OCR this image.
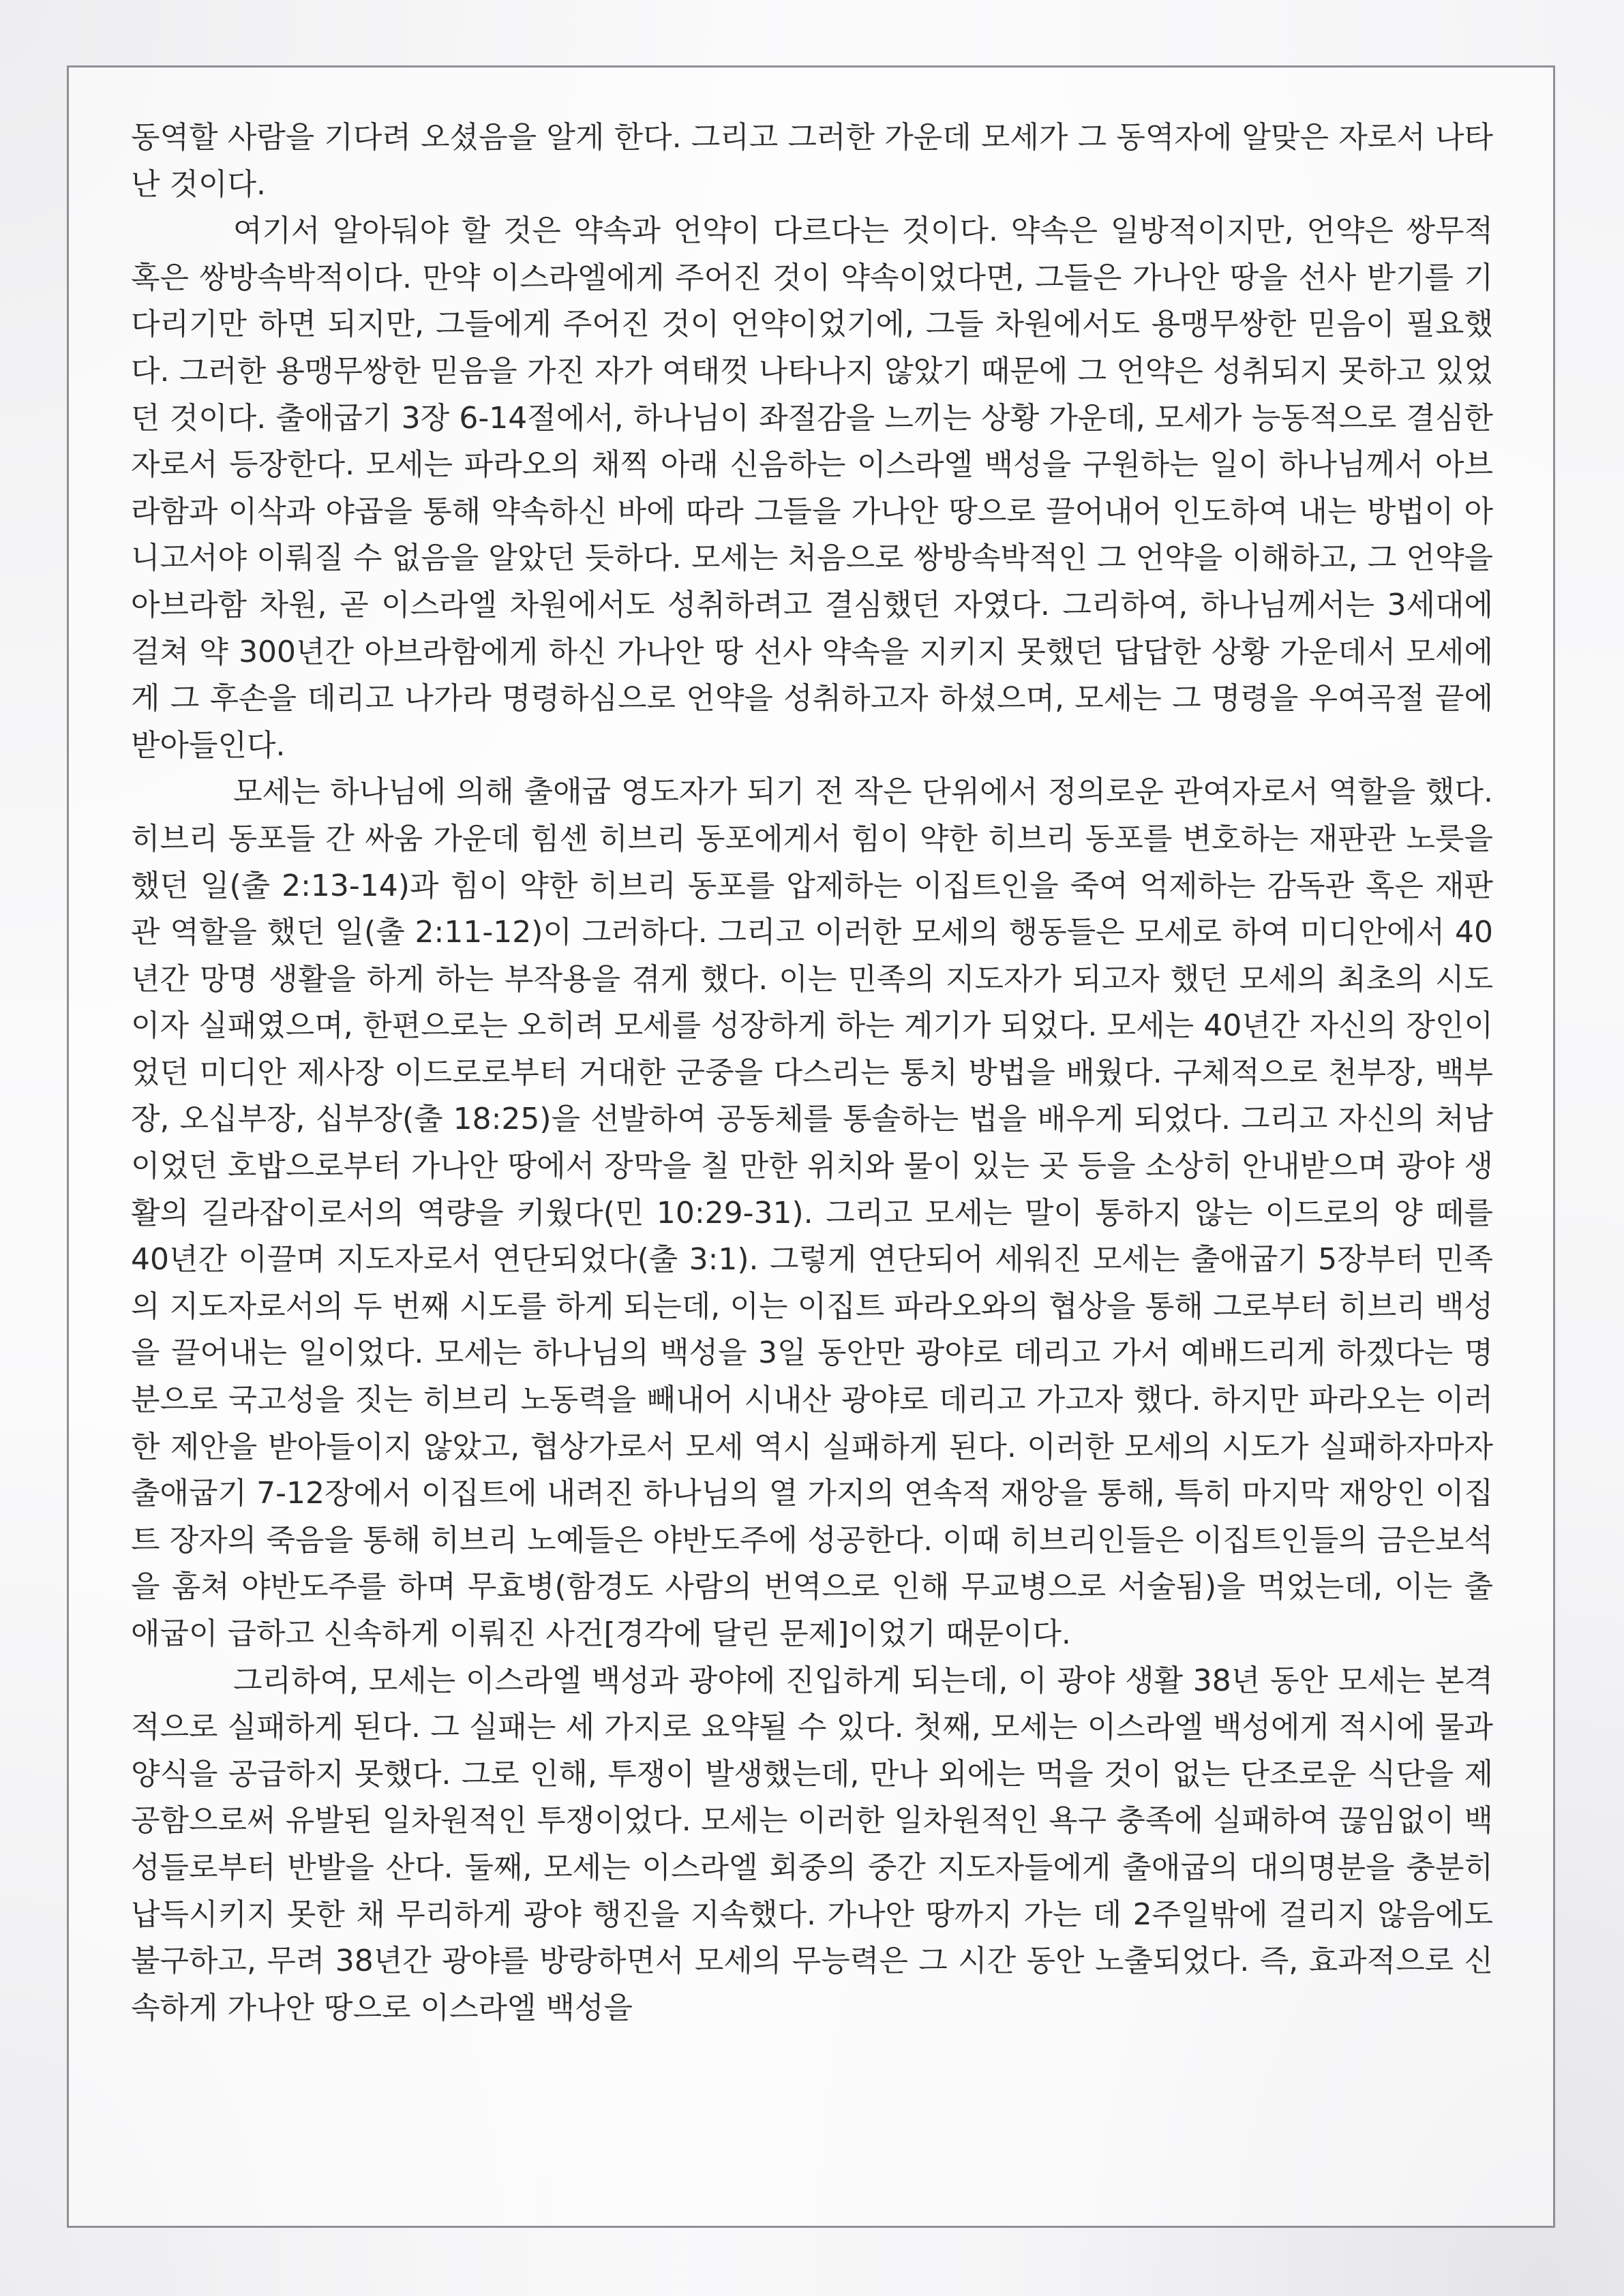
동역할 사람을 기다려 오셨음을 알게 한다. 그리고 그러한 가운데 모세가 그 동역자에 알맞은 자로서 나타난 것이다.

여기서 알아둬야 할 것은 약속과 언약이 다르다는 것이다. 약속은 일방적이지만, 언약은 쌍무적 혹은 쌍방속박적이다. 만약 이스라엘에게 주어진 것이 약속이었다면, 그들은 가나안 땅을 선사 받기를 기다리기만 하면 되지만, 그들에게 주어진 것이 언약이었기에, 그들 차원에서도 용맹무쌍한 믿음이 필요했다. 그러한 용맹무쌍한 믿음을 가진 자가 여태껏 나타나지 않았기 때문에 그 언약은 성취되지 못하고 있었던 것이다. 출애굽기 3장 6-14절에서, 하나님이 좌절감을 느끼는 상황 가운데, 모세가 능동적으로 결심한 자로서 등장한다. 모세는 파라오의 채찍 아래 신음하는 이스라엘 백성을 구원하는 일이 하나님께서 아브라함과 이삭과 야곱을 통해 약속하신 바에 따라 그들을 가나안 땅으로 끌어내어 인도하여 내는 방법이 아니고서야 이뤄질 수 없음을 알았던 듯하다. 모세는 처음으로 쌍방속박적인 그 언약을 이해하고, 그 언약을 아브라함 차원, 곧 이스라엘 차원에서도 성취하려고 결심했던 자였다. 그리하여, 하나님께서는 3세대에 걸쳐 약 300년간 아브라함에게 하신 가나안 땅 선사 약속을 지키지 못했던 답답한 상황 가운데서 모세에게 그 후손을 데리고 나가라 명령하심으로 언약을 성취하고자 하셨으며, 모세는 그 명령을 우여곡절 끝에 받아들인다.

모세는 하나님에 의해 출애굽 영도자가 되기 전 작은 단위에서 정의로운 관여자로서 역할을 했다. 히브리 동포들 간 싸움 가운데 힘센 히브리 동포에게서 힘이 약한 히브리 동포를 변호하는 재판관 노릇을 했던 일(출 2:13-14)과 힘이 약한 히브리 동포를 압제하는 이집트인을 죽여 억제하는 감독관 혹은 재판관 역할을 했던 일(출 2:11-12)이 그러하다. 그리고 이러한 모세의 행동들은 모세로 하여 미디안에서 40년간 망명 생활을 하게 하는 부작용을 겪게 했다. 이는 민족의 지도자가 되고자 했던 모세의 최초의 시도이자 실패였으며, 한편으로는 오히려 모세를 성장하게 하는 계기가 되었다. 모세는 40년간 자신의 장인이었던 미디안 제사장 이드로로부터 거대한 군중을 다스리는 통치 방법을 배웠다. 구체적으로 천부장, 백부장, 오십부장, 십부장(출 18:25)을 선발하여 공동체를 통솔하는 법을 배우게 되었다. 그리고 자신의 처남이었던 호밥으로부터 가나안 땅에서 장막을 칠 만한 위치와 물이 있는 곳 등을 소상히 안내받으며 광야 생활의 길라잡이로서의 역량을 키웠다(민 10:29-31). 그리고 모세는 말이 통하지 않는 이드로의 양 떼를 40년간 이끌며 지도자로서 연단되었다(출 3:1). 그렇게 연단되어 세워진 모세는 출애굽기 5장부터 민족의 지도자로서의 두 번째 시도를 하게 되는데, 이는 이집트 파라오와의 협상을 통해 그로부터 히브리 백성을 끌어내는 일이었다. 모세는 하나님의 백성을 3일 동안만 광야로 데리고 가서 예배드리게 하겠다는 명분으로 국고성을 짓는 히브리 노동력을 빼내어 시내산 광야로 데리고 가고자 했다. 하지만 파라오는 이러한 제안을 받아들이지 않았고, 협상가로서 모세 역시 실패하게 된다. 이러한 모세의 시도가 실패하자마자 출애굽기 7-12장에서 이집트에 내려진 하나님의 열 가지의 연속적 재앙을 통해, 특히 마지막 재앙인 이집트 장자의 죽음을 통해 히브리 노예들은 야반도주에 성공한다. 이때 히브리인들은 이집트인들의 금은보석을 훔쳐 야반도주를 하며 무효병(함경도 사람의 번역으로 인해 무교병으로 서술됨)을 먹었는데, 이는 출애굽이 급하고 신속하게 이뤄진 사건[경각에 달린 문제]이었기 때문이다.

그리하여, 모세는 이스라엘 백성과 광야에 진입하게 되는데, 이 광야 생활 38년 동안 모세는 본격적으로 실패하게 된다. 그 실패는 세 가지로 요약될 수 있다. 첫째, 모세는 이스라엘 백성에게 적시에 물과 양식을 공급하지 못했다. 그로 인해, 투쟁이 발생했는데, 만나 외에는 먹을 것이 없는 단조로운 식단을 제공함으로써 유발된 일차원적인 투쟁이었다. 모세는 이러한 일차원적인 욕구 충족에 실패하여 끊임없이 백성들로부터 반발을 산다. 둘째, 모세는 이스라엘 회중의 중간 지도자들에게 출애굽의 대의명분을 충분히 납득시키지 못한 채 무리하게 광야 행진을 지속했다. 가나안 땅까지 가는 데 2주일밖에 걸리지 않음에도 불구하고, 무려 38년간 광야를 방랑하면서 모세의 무능력은 그 시간 동안 노출되었다. 즉, 효과적으로 신속하게 가나안 땅으로 이스라엘 백성을
